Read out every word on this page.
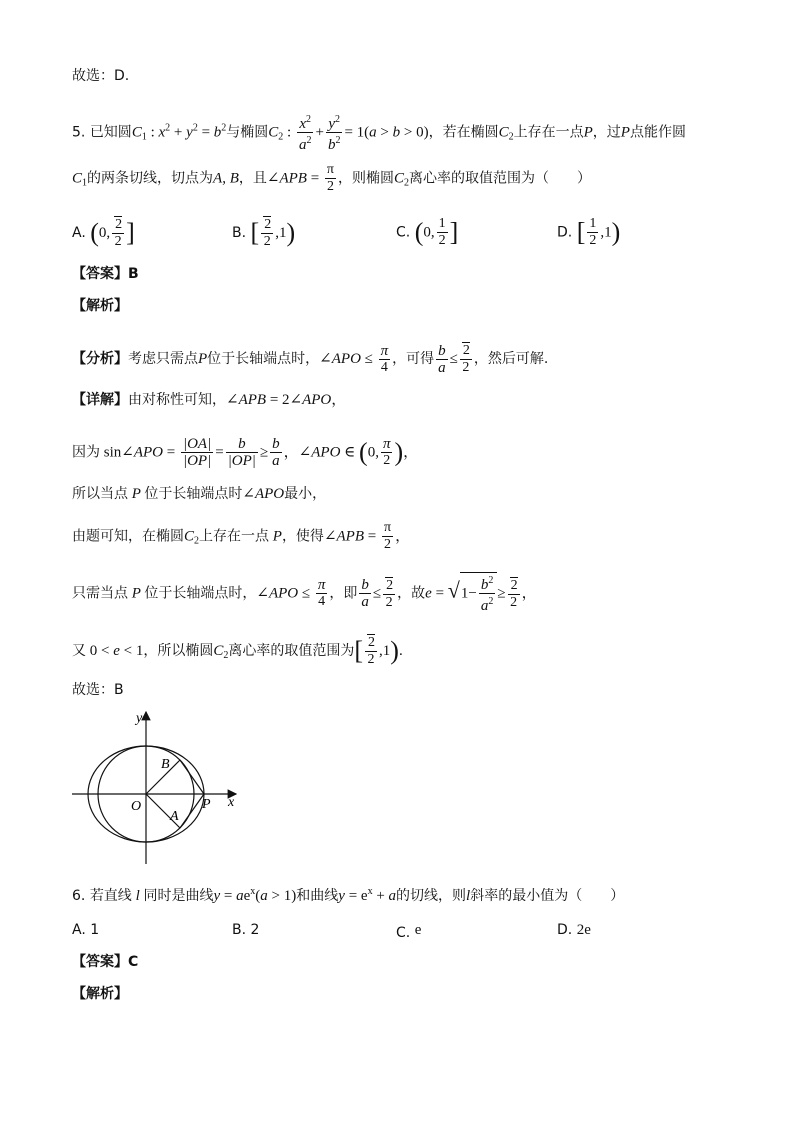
故选：D.
5. 已知圆$C_1$ : $x^2 + y^2 = b^2$与椭圆$C_2$ : $\frac{x^2}{a^2} + \frac{y^2}{b^2} = 1(a > b > 0)$，若在椭圆$C_2$上存在一点P，过P点能作圆
$C_1$的两条切线，切点为A, B，且∠APB = $\frac{\pi}{2}$ ，则椭圆$C_2$离心率的取值范围为（　　）
A. (0, $\frac{2}{2}$ ]	B. [ $\frac{2}{2} ,1$)	C. (0, $\frac{1}{2}$ ]	D. [ $\frac{1}{2} ,1$)
【答案】B
【解析】
【分析】考虑只需点P位于长轴端点时，∠APO ≤ $\frac{\pi}{4}$ ，可得 $\frac{b}{a} \le \frac{2}{2}$ ，然后可解.
【详解】由对称性可知，∠APB = 2∠APO，
因为 sin∠APO = $\frac{|OA|}{|OP|} = \frac{b}{|OP|} \ge \frac{b}{a}$ ，∠APO ∈ (0, $\frac{\pi}{2}$ )，
所以当点 P 位于长轴端点时∠APO最小，
由题可知，在椭圆$C_2$上存在一点 P，使得∠APB = $\frac{\pi}{2}$ ，
只需当点 P 位于长轴端点时，∠APO ≤ $\frac{\pi}{4}$ ，即 $\frac{b}{a} \le \frac{2}{2}$ ，故$e = √1- \frac{b^2}{a^2} \ge \frac{2}{2}$ ，
又 0 < e < 1，所以椭圆$C_2$离心率的取值范围为[ $\frac{2}{2} ,1$).
故选：B
y
x
B
O
A
P
6. 若直线 l 同时是曲线$y = ae^x(a > 1)$和曲线$y = e^x + a$的切线，则l斜率的最小值为（　　）
A. 1	B. 2	C. e	D. 2e
【答案】C
【解析】
